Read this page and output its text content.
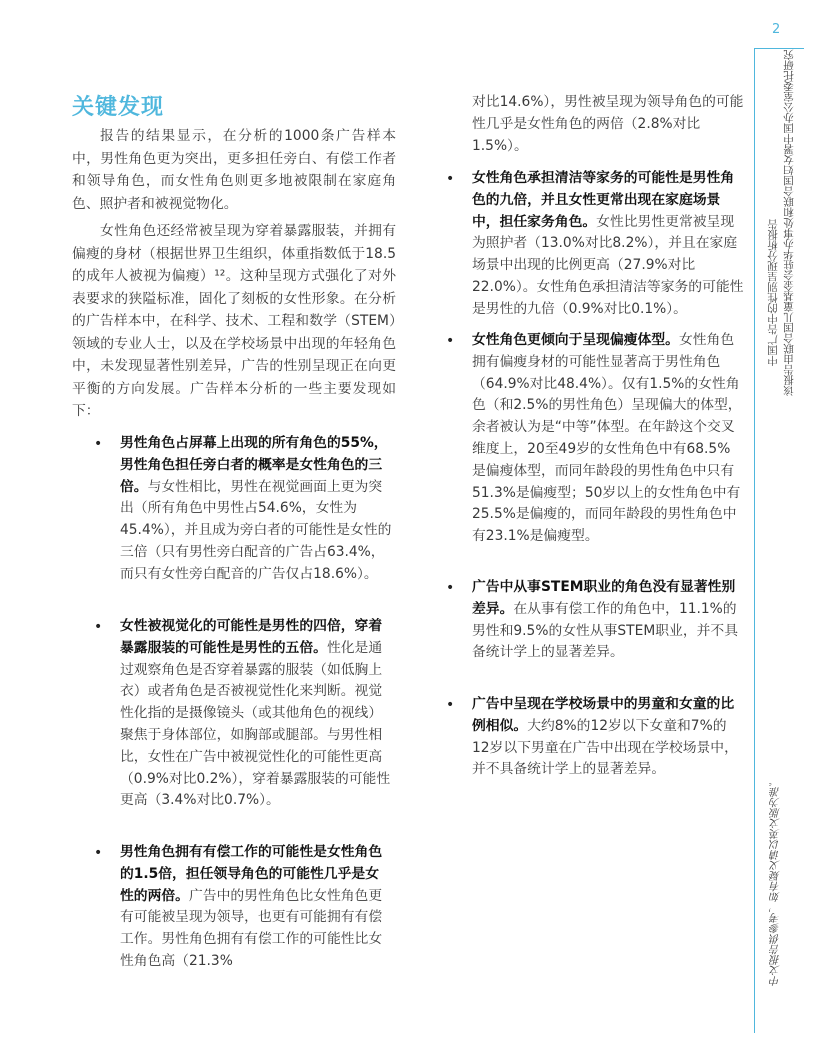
2
中国广告中的性别呈现分析报告 该报告由联合国儿童基金会驻华办事处和联合国妇女署中国办公室委托研究
中文报告供参考，如有疑义请以英文版为准。
关键发现

报告的结果显示，在分析的1000条广告样本中，男性角色更为突出，更多担任旁白、有偿工作者和领导角色，而女性角色则更多地被限制在家庭角色、照护者和被视觉物化。

女性角色还经常被呈现为穿着暴露服装，并拥有偏瘦的身材（根据世界卫生组织，体重指数低于18.5的成年人被视为偏瘦）¹²。这种呈现方式强化了对外表要求的狭隘标准，固化了刻板的女性形象。在分析的广告样本中，在科学、技术、工程和数学（STEM）领域的专业人士，以及在学校场景中出现的年轻角色中，未发现显著性别差异，广告的性别呈现正在向更平衡的方向发展。广告样本分析的一些主要发现如下：

• 男性角色占屏幕上出现的所有角色的55%，男性角色担任旁白者的概率是女性角色的三倍。与女性相比，男性在视觉画面上更为突出（所有角色中男性占54.6%，女性为45.4%），并且成为旁白者的可能性是女性的三倍（只有男性旁白配音的广告占63.4%，而只有女性旁白配音的广告仅占18.6%）。

• 女性被视觉化的可能性是男性的四倍，穿着暴露服装的可能性是男性的五倍。性化是通过观察角色是否穿着暴露的服装（如低胸上衣）或者角色是否被视觉性化来判断。视觉性化指的是摄像镜头（或其他角色的视线）聚焦于身体部位，如胸部或腿部。与男性相比，女性在广告中被视觉性化的可能性更高（0.9%对比0.2%），穿着暴露服装的可能性更高（3.4%对比0.7%）。

• 男性角色拥有有偿工作的可能性是女性角色的1.5倍，担任领导角色的可能性几乎是女性的两倍。广告中的男性角色比女性角色更有可能被呈现为领导，也更有可能拥有有偿工作。男性角色拥有有偿工作的可能性比女性角色高（21.3%

对比14.6%），男性被呈现为领导角色的可能性几乎是女性角色的两倍（2.8%对比1.5%）。

• 女性角色承担清洁等家务的可能性是男性角色的九倍，并且女性更常出现在家庭场景中，担任家务角色。女性比男性更常被呈现为照护者（13.0%对比8.2%），并且在家庭场景中出现的比例更高（27.9%对比22.0%）。女性角色承担清洁等家务的可能性是男性的九倍（0.9%对比0.1%）。

• 女性角色更倾向于呈现偏瘦体型。女性角色拥有偏瘦身材的可能性显著高于男性角色（64.9%对比48.4%）。仅有1.5%的女性角色（和2.5%的男性角色）呈现偏大的体型，余者被认为是“中等”体型。在年龄这个交叉维度上，20至49岁的女性角色中有68.5%是偏瘦体型，而同年龄段的男性角色中只有51.3%是偏瘦型；50岁以上的女性角色中有25.5%是偏瘦的，而同年龄段的男性角色中有23.1%是偏瘦型。

• 广告中从事STEM职业的角色没有显著性别差异。在从事有偿工作的角色中，11.1%的男性和9.5%的女性从事STEM职业，并不具备统计学上的显著差异。

• 广告中呈现在学校场景中的男童和女童的比例相似。大约8%的12岁以下女童和7%的12岁以下男童在广告中出现在学校场景中，并不具备统计学上的显著差异。
